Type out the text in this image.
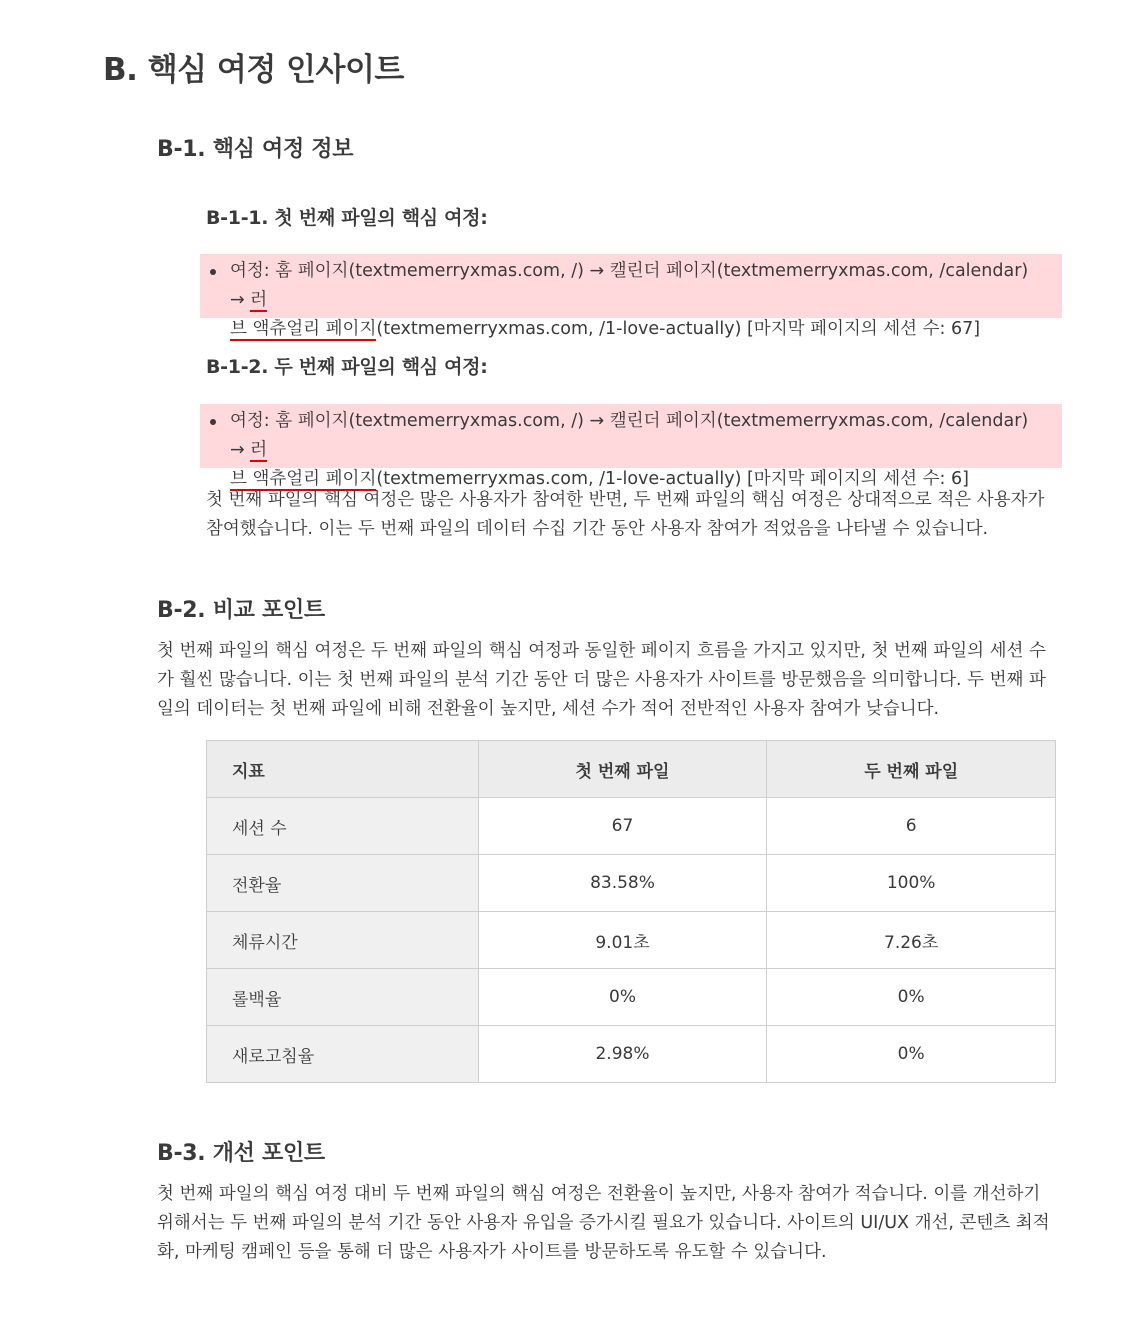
B. 핵심 여정 인사이트
B-1. 핵심 여정 정보
B-1-1. 첫 번째 파일의 핵심 여정:
여정: 홈 페이지(textmemerryxmas.com, /) → 캘린더 페이지(textmemerryxmas.com, /calendar) → 러
브 액츄얼리 페이지(textmemerryxmas.com, /1-love-actually) [마지막 페이지의 세션 수: 67]
B-1-2. 두 번째 파일의 핵심 여정:
여정: 홈 페이지(textmemerryxmas.com, /) → 캘린더 페이지(textmemerryxmas.com, /calendar) → 러
브 액츄얼리 페이지(textmemerryxmas.com, /1-love-actually) [마지막 페이지의 세션 수: 6]

첫 번째 파일의 핵심 여정은 많은 사용자가 참여한 반면, 두 번째 파일의 핵심 여정은 상대적으로 적은 사용자가 참여했습니다. 이는 두 번째 파일의 데이터 수집 기간 동안 사용자 참여가 적었음을 나타낼 수 있습니다.

B-2. 비교 포인트

첫 번째 파일의 핵심 여정은 두 번째 파일의 핵심 여정과 동일한 페이지 흐름을 가지고 있지만, 첫 번째 파일의 세션 수가 훨씬 많습니다. 이는 첫 번째 파일의 분석 기간 동안 더 많은 사용자가 사이트를 방문했음을 의미합니다. 두 번째 파일의 데이터는 첫 번째 파일에 비해 전환율이 높지만, 세션 수가 적어 전반적인 사용자 참여가 낮습니다.

지표	첫 번째 파일	두 번째 파일
세션 수	67	6
전환율	83.58%	100%
체류시간	9.01초	7.26초
롤백율	0%	0%
새로고침율	2.98%	0%
B-3. 개선 포인트

첫 번째 파일의 핵심 여정 대비 두 번째 파일의 핵심 여정은 전환율이 높지만, 사용자 참여가 적습니다. 이를 개선하기 위해서는 두 번째 파일의 분석 기간 동안 사용자 유입을 증가시킬 필요가 있습니다. 사이트의 UI/UX 개선, 콘텐츠 최적화, 마케팅 캠페인 등을 통해 더 많은 사용자가 사이트를 방문하도록 유도할 수 있습니다.
